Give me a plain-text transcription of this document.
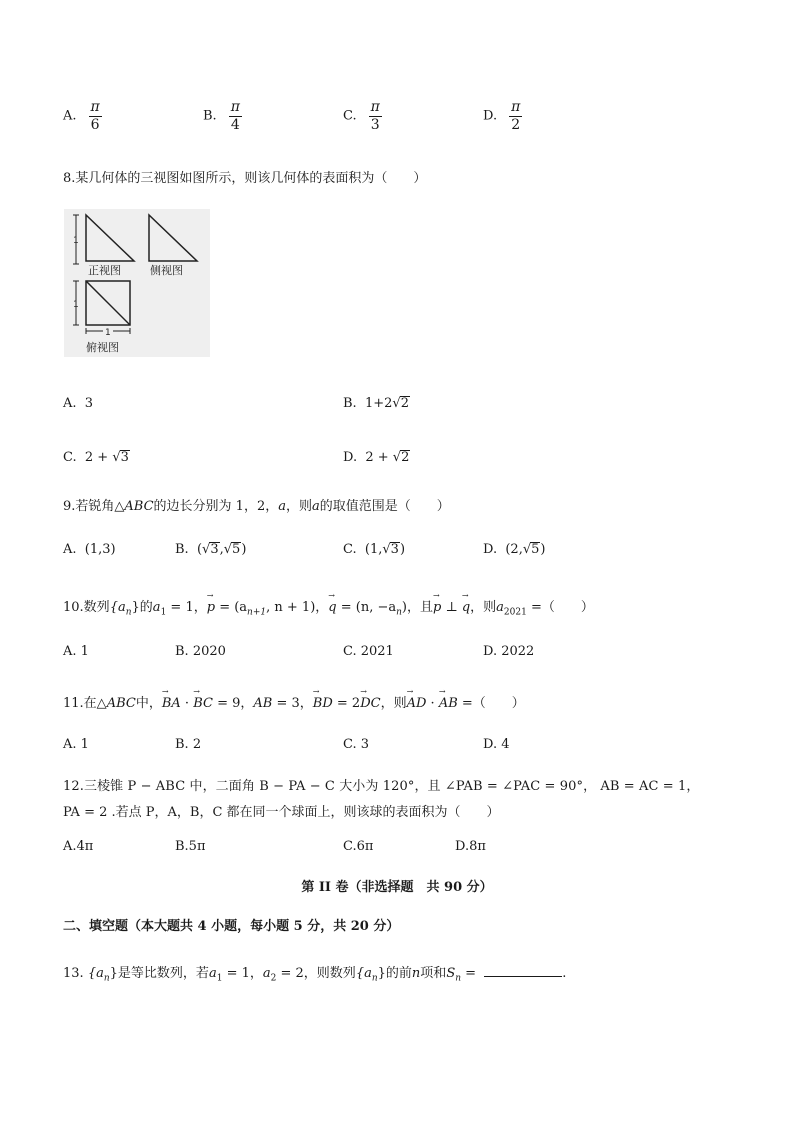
A. $\frac{\pi}{6}$	B. $\frac{\pi}{4}$	C. $\frac{\pi}{3}$	D. $\frac{\pi}{2}$
8.某几何体的三视图如图所示，则该几何体的表面积为（　　）
1
正视图	侧视图
1
1
俯视图
A. 3	B. 1+2√2
C. 2 + √3	D. 2 + √2
9.若锐角△ABC的边长分别为 1，2，a，则a的取值范围是（　　）
A. (1,3)	B. (√3,√5)	C. (1,√3)	D. (2,√5)
10.数列$\{a_n\}$的$a_1 = 1$，→ $p = (a_{n+1}$, n + 1)，→ q = (n, $-a_n$)，且→ p ⊥ → q，则$a_{2021}$ =（　　）
A. 1	B. 2020	C. 2021	D. 2022
11.在△ABC中，→ BA · → BC = 9，AB = 3，→ BD = 2→ DC，则→ AD · → AB =（　　）
A. 1	B. 2	C. 3	D. 4
12.三棱锥 P − ABC 中，二面角 B − PA − C 大小为 120°，且 ∠PAB = ∠PAC = 90°， AB = AC = 1，
PA = 2 .若点 P，A，B，C 都在同一个球面上，则该球的表面积为（　　）
A.4π	B.5π	C.6π	D.8π
第 II 卷（非选择题　共 90 分）
二、填空题（本大题共 4 小题，每小题 5 分，共 20 分）
13. $\{a_n\}$是等比数列，若$a_1 = 1$，$a_2 = 2$，则数列$\{a_n\}$的前n项和$S_n$ =	.
